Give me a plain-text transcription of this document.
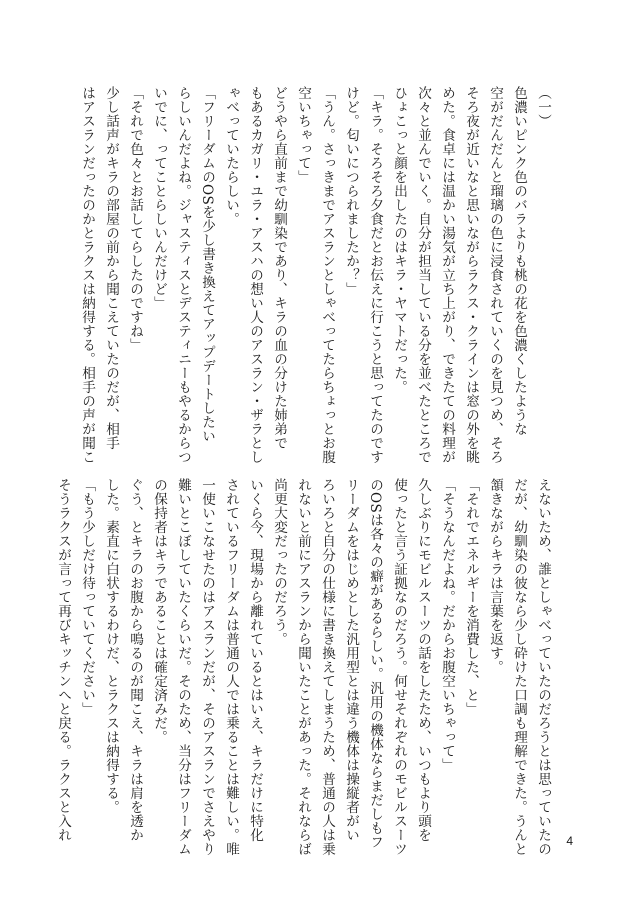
（一）

色濃いピンク色のバラよりも桃の花を色濃くしたような

空がだんだんと瑠璃の色に浸食されていくのを見つめ、そろ

そろ夜が近いなと思いながらラクス・クラインは窓の外を眺

めた。食卓には温かい湯気が立ち上がり、できたての料理が

次々と並んでいく。自分が担当している分を並べたところで

ひょこっと顔を出したのはキラ・ヤマトだった。

「キラ。そろそろ夕食だとお伝えに行こうと思ってたのです

けど。匂いにつられましたか？」

「うん。さっきまでアスランとしゃべってたらちょっとお腹

空いちゃって」

どうやら直前まで幼馴染であり、キラの血の分けた姉弟で

もあるカガリ・ユラ・アスハの想い人のアスラン・ザラとし

ゃべっていたらしい。

「フリーダムのOSを少し書き換えてアップデートしたい

らしいんだよね。ジャスティスとデスティニーもやるからつ

いでに、ってことらしいんだけど」

「それで色々とお話してらしたのですね」

少し話声がキラの部屋の前から聞こえていたのだが、相手

はアスランだったのかとラクスは納得する。相手の声が聞こ

えないため、誰としゃべっていたのだろうとは思っていたの

だが、幼馴染の彼なら少し砕けた口調も理解できた。うんと

頷きながらキラは言葉を返す。

「それでエネルギーを消費した、と」

「そうなんだよね。だからお腹空いちゃって」

久しぶりにモビルスーツの話をしたため、いつもより頭を

使ったと言う証拠なのだろう。何せそれぞれのモビルスーツ

のOSは各々の癖があるらしい。汎用の機体ならまだしもフ

リーダムをはじめとした汎用型とは違う機体は操縦者がい

ろいろと自分の仕様に書き換えてしまうため、普通の人は乗

れないと前にアスランから聞いたことがあった。それならば

尚更大変だったのだろう。

いくら今、現場から離れているとはいえ、キラだけに特化

されているフリーダムは普通の人では乗ることは難しい。唯

一使いこなせたのはアスランだが、そのアスランでさえやり

難いとこぼしていたくらいだ。そのため、当分はフリーダム

の保持者はキラであることは確定済みだ。

ぐう、とキラのお腹から鳴るのが聞こえ、キラは肩を透か

した。素直に白状するわけだ、とラクスは納得する。

「もう少しだけ待っていてください」

そうラクスが言って再びキッチンへと戻る。ラクスと入れ	4
